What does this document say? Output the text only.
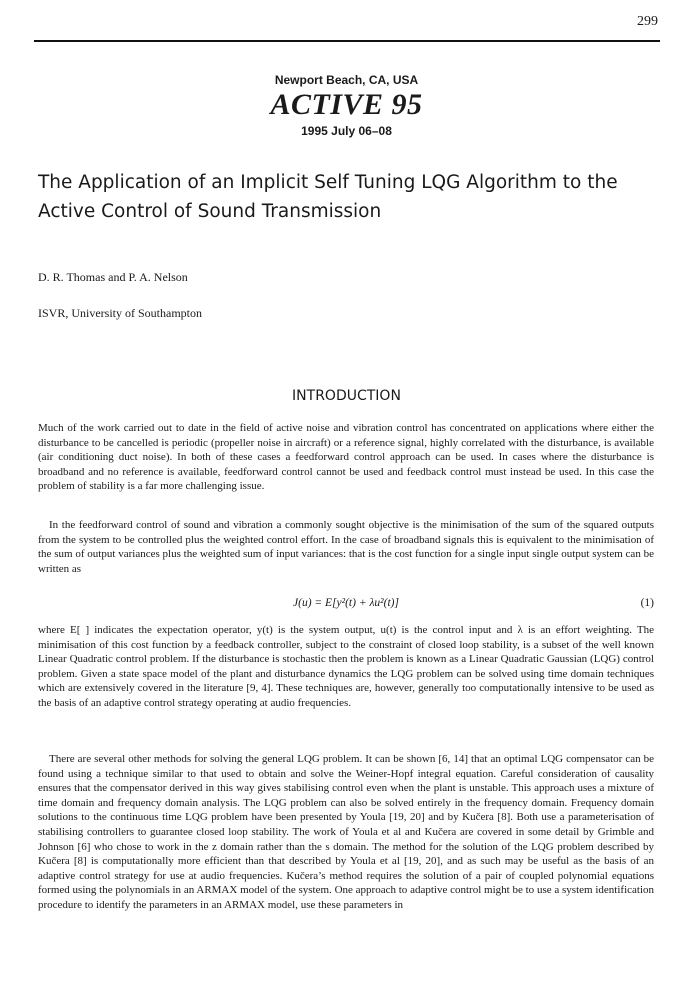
299
Newport Beach, CA, USA
ACTIVE 95
1995 July 06–08
The Application of an Implicit Self Tuning LQG Algorithm to the Active Control of Sound Transmission
D. R. Thomas and P. A. Nelson
ISVR, University of Southampton
INTRODUCTION

Much of the work carried out to date in the field of active noise and vibration control has concentrated on applications where either the disturbance to be cancelled is periodic (propeller noise in aircraft) or a reference signal, highly correlated with the disturbance, is available (air conditioning duct noise). In both of these cases a feedforward control approach can be used. In cases where the disturbance is broadband and no reference is available, feedforward control cannot be used and feedback control must instead be used. In this case the problem of stability is a far more challenging issue.

In the feedforward control of sound and vibration a commonly sought objective is the minimisation of the sum of the squared outputs from the system to be controlled plus the weighted control effort. In the case of broadband signals this is equivalent to the minimisation of the sum of output variances plus the weighted sum of input variances: that is the cost function for a single input single output system can be written as

J(u) = E[y²(t) + λu²(t)]	(1)

where E[ ] indicates the expectation operator, y(t) is the system output, u(t) is the control input and λ is an effort weighting. The minimisation of this cost function by a feedback controller, subject to the constraint of closed loop stability, is a subset of the well known Linear Quadratic control problem. If the disturbance is stochastic then the problem is known as a Linear Quadratic Gaussian (LQG) control problem. Given a state space model of the plant and disturbance dynamics the LQG problem can be solved using time domain techniques which are extensively covered in the literature [9, 4]. These techniques are, however, generally too computationally intensive to be used as the basis of an adaptive control strategy operating at audio frequencies.

There are several other methods for solving the general LQG problem. It can be shown [6, 14] that an optimal LQG compensator can be found using a technique similar to that used to obtain and solve the Weiner-Hopf integral equation. Careful consideration of causality ensures that the compensator derived in this way gives stabilising control even when the plant is unstable. This approach uses a mixture of time domain and frequency domain analysis. The LQG problem can also be solved entirely in the frequency domain. Frequency domain solutions to the continuous time LQG problem have been presented by Youla [19, 20] and by Kučera [8]. Both use a parameterisation of stabilising controllers to guarantee closed loop stability. The work of Youla et al and Kučera are covered in some detail by Grimble and Johnson [6] who chose to work in the z domain rather than the s domain. The method for the solution of the LQG problem described by Kučera [8] is computationally more efficient than that described by Youla et al [19, 20], and as such may be useful as the basis of an adaptive control strategy for use at audio frequencies. Kučera’s method requires the solution of a pair of coupled polynomial equations formed using the polynomials in an ARMAX model of the system. One approach to adaptive control might be to use a system identification procedure to identify the parameters in an ARMAX model, use these parameters in
